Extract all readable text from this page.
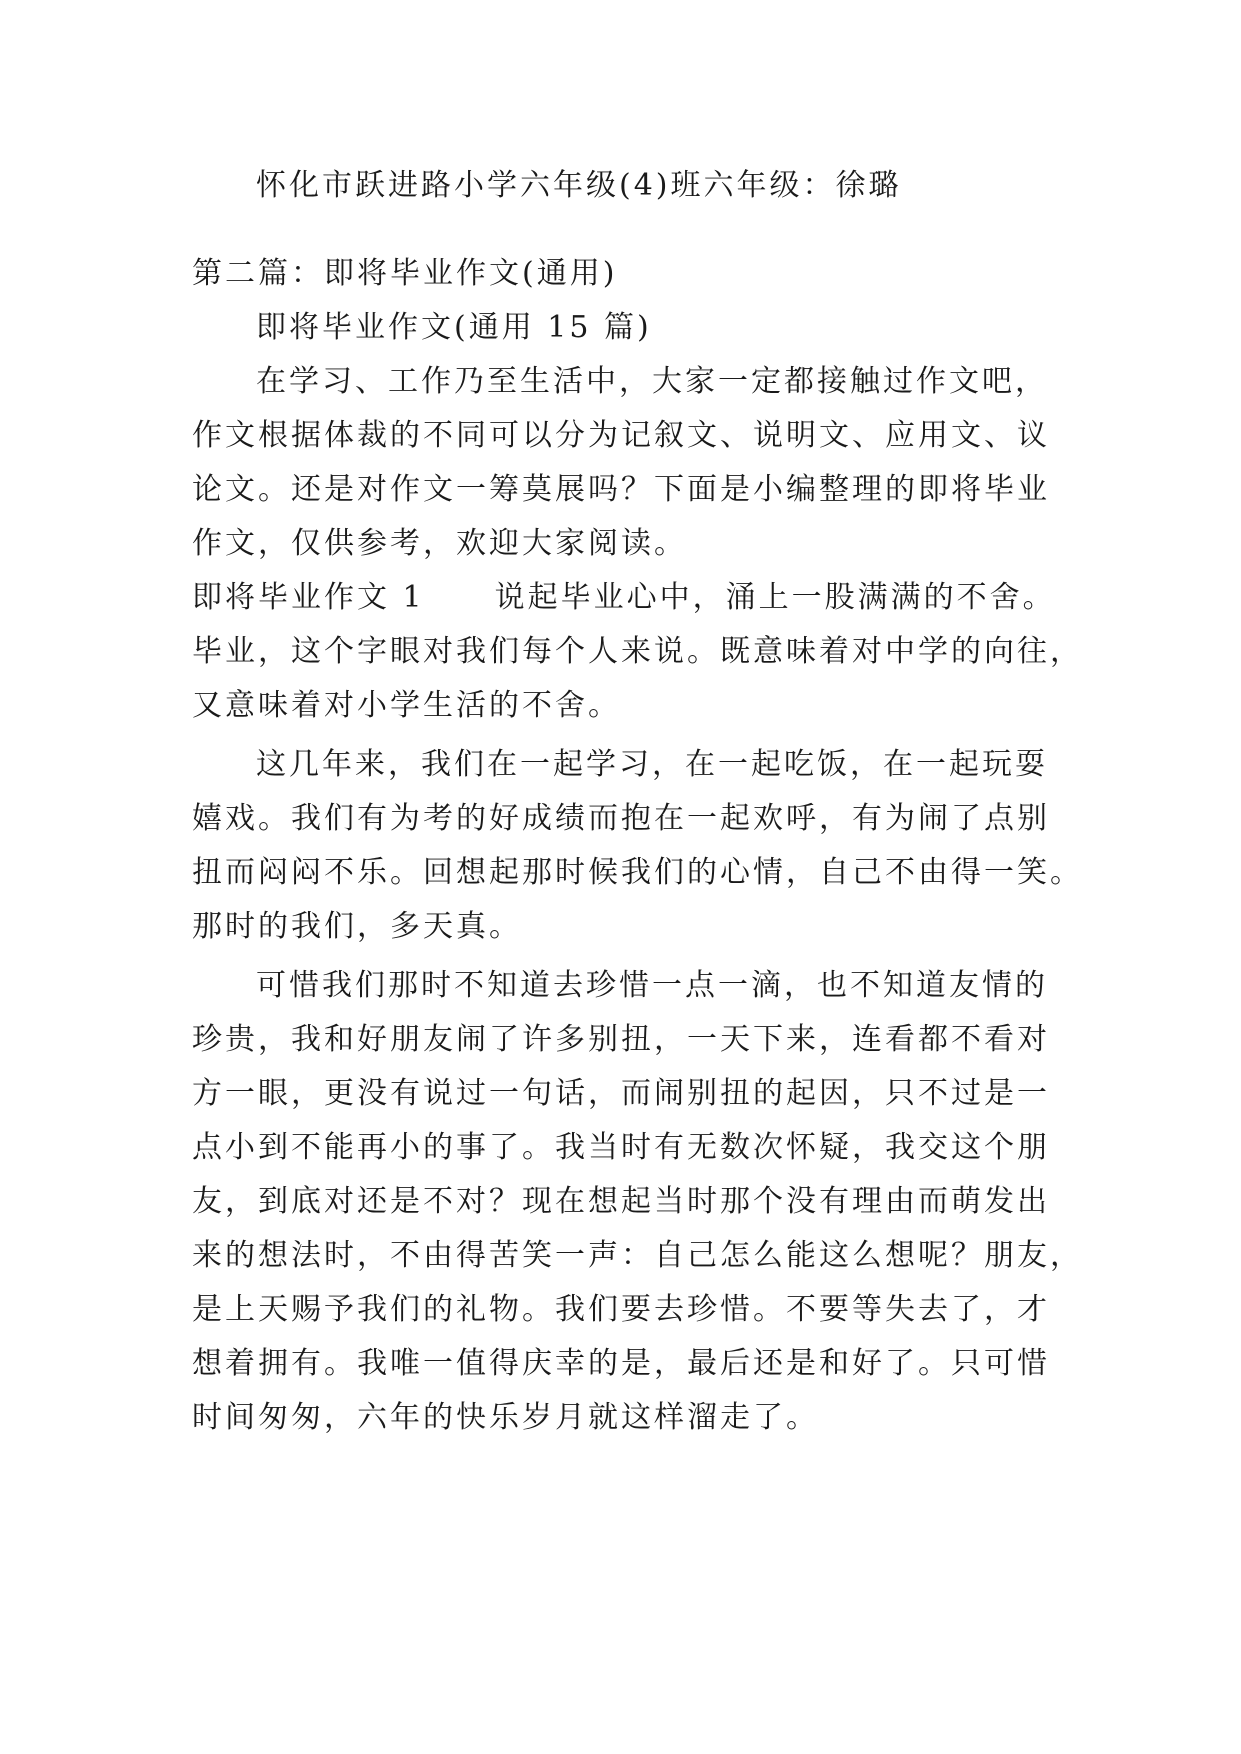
怀化市跃进路小学六年级(4)班六年级：徐璐
第二篇：即将毕业作文(通用)
即将毕业作文(通用 15 篇)
在学习、工作乃至生活中，大家一定都接触过作文吧，
作文根据体裁的不同可以分为记叙文、说明文、应用文、议
论文。还是对作文一筹莫展吗？下面是小编整理的即将毕业
作文，仅供参考，欢迎大家阅读。
即将毕业作文 1 说起毕业心中，涌上一股满满的不舍。
毕业，这个字眼对我们每个人来说。既意味着对中学的向往，
又意味着对小学生活的不舍。
这几年来，我们在一起学习，在一起吃饭，在一起玩耍
嬉戏。我们有为考的好成绩而抱在一起欢呼，有为闹了点别
扭而闷闷不乐。回想起那时候我们的心情，自己不由得一笑。
那时的我们，多天真。
可惜我们那时不知道去珍惜一点一滴，也不知道友情的
珍贵，我和好朋友闹了许多别扭，一天下来，连看都不看对
方一眼，更没有说过一句话，而闹别扭的起因，只不过是一
点小到不能再小的事了。我当时有无数次怀疑，我交这个朋
友，到底对还是不对？现在想起当时那个没有理由而萌发出
来的想法时，不由得苦笑一声：自己怎么能这么想呢？朋友，
是上天赐予我们的礼物。我们要去珍惜。不要等失去了，才
想着拥有。我唯一值得庆幸的是，最后还是和好了。只可惜
时间匆匆，六年的快乐岁月就这样溜走了。
